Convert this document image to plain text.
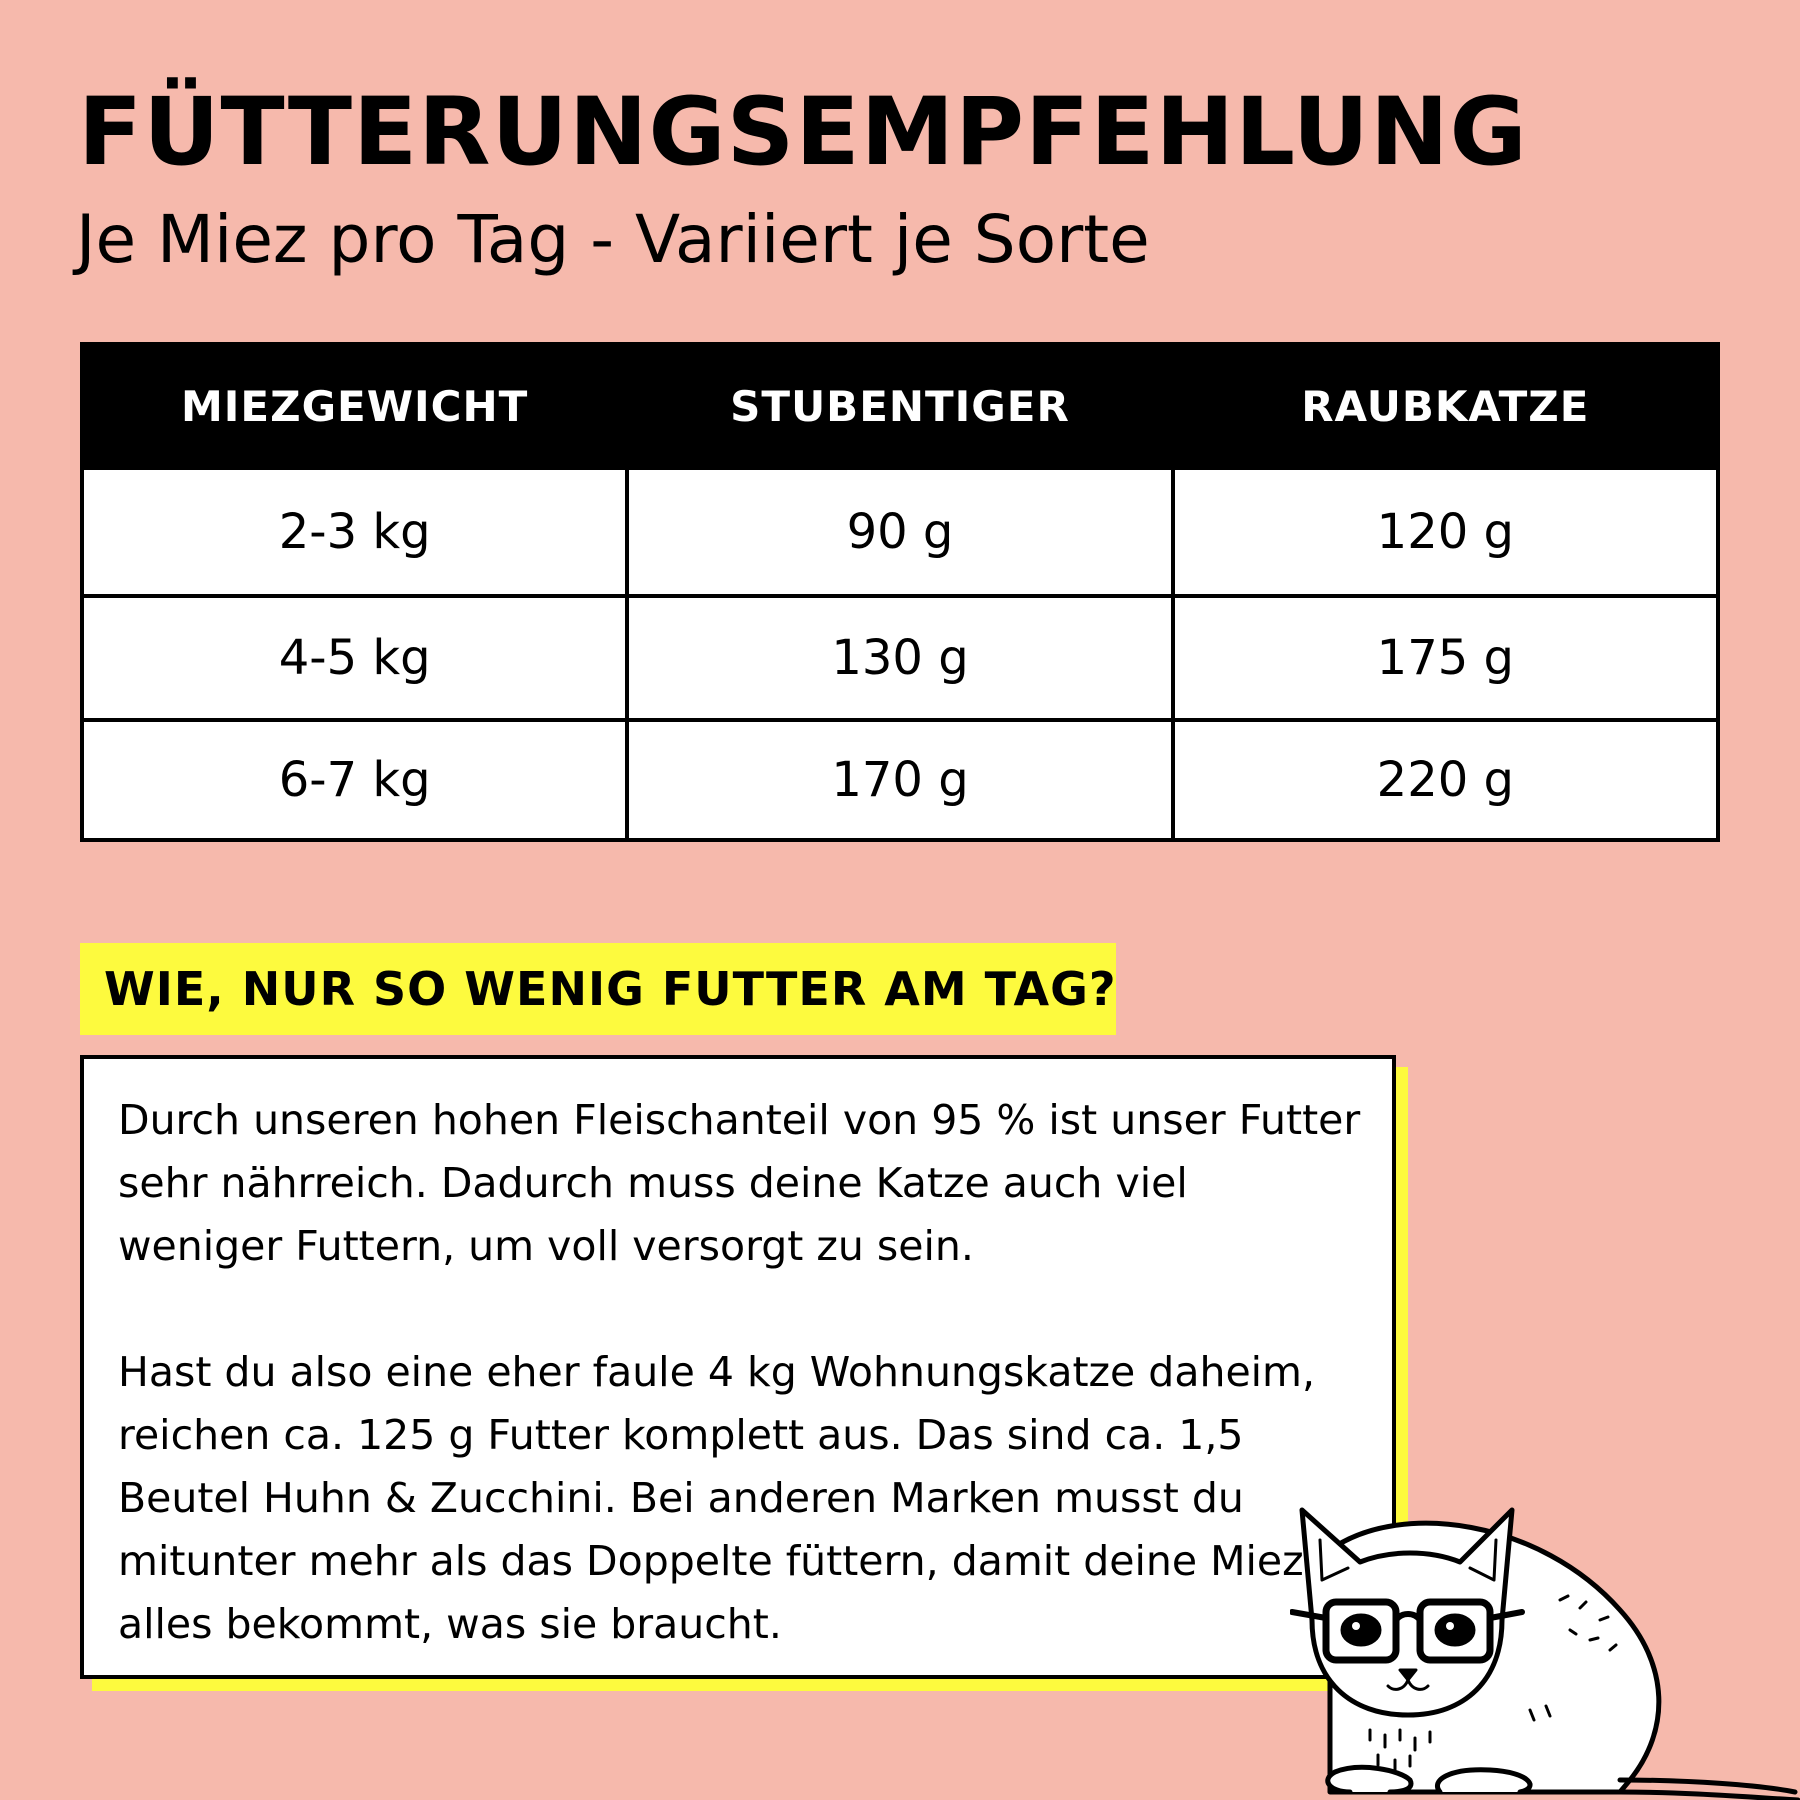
FÜTTERUNGSEMPFEHLUNG
Je Miez pro Tag - Variiert je Sorte
MIEZGEWICHT	STUBENTIGER	RAUBKATZE
2-3 kg	90 g	120 g
4-5 kg	130 g	175 g
6-7 kg	170 g	220 g
WIE, NUR SO WENIG FUTTER AM TAG?

Durch unseren hohen Fleischanteil von 95 % ist unser Futter sehr nährreich. Dadurch muss deine Katze auch viel weniger Futtern, um voll versorgt zu sein.

Hast du also eine eher faule 4 kg Wohnungskatze daheim, reichen ca. 125 g Futter komplett aus. Das sind ca. 1,5 Beutel Huhn & Zucchini. Bei anderen Marken musst du mitunter mehr als das Doppelte füttern, damit deine Miez alles bekommt, was sie braucht.
